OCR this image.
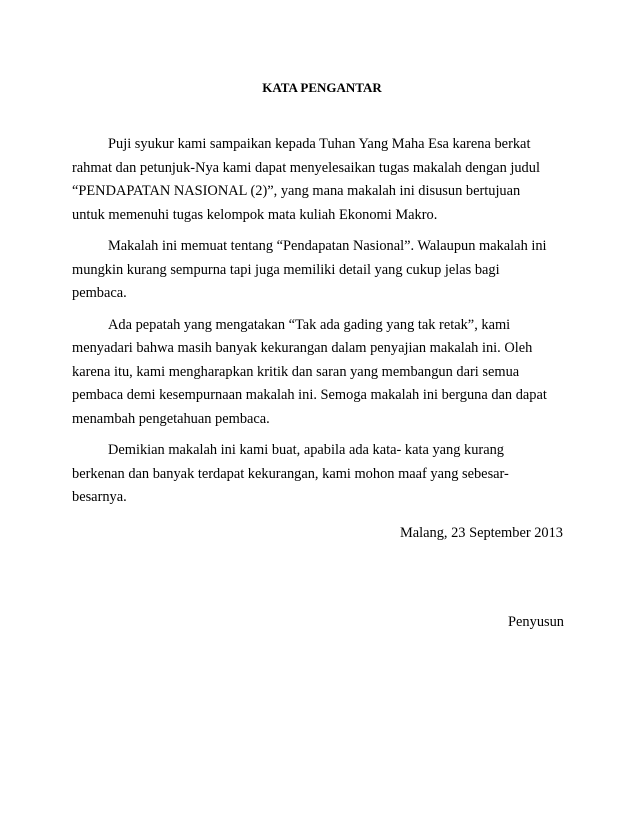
KATA PENGANTAR

Puji syukur kami sampaikan kepada Tuhan Yang Maha Esa karena berkat
rahmat dan petunjuk-Nya kami dapat menyelesaikan tugas makalah dengan judul
“PENDAPATAN NASIONAL (2)”, yang mana makalah ini disusun bertujuan
untuk memenuhi tugas kelompok mata kuliah Ekonomi Makro.

Makalah ini memuat tentang “Pendapatan Nasional”. Walaupun makalah ini
mungkin kurang sempurna tapi juga memiliki detail yang cukup jelas bagi
pembaca.

Ada pepatah yang mengatakan “Tak ada gading yang tak retak”, kami
menyadari bahwa masih banyak kekurangan dalam penyajian makalah ini. Oleh
karena itu, kami mengharapkan kritik dan saran yang membangun dari semua
pembaca demi kesempurnaan makalah ini. Semoga makalah ini berguna dan dapat
menambah pengetahuan pembaca.

Demikian makalah ini kami buat, apabila ada kata- kata yang kurang
berkenan dan banyak terdapat kekurangan, kami mohon maaf yang sebesar-
besarnya.

Malang, 23 September 2013

Penyusun
